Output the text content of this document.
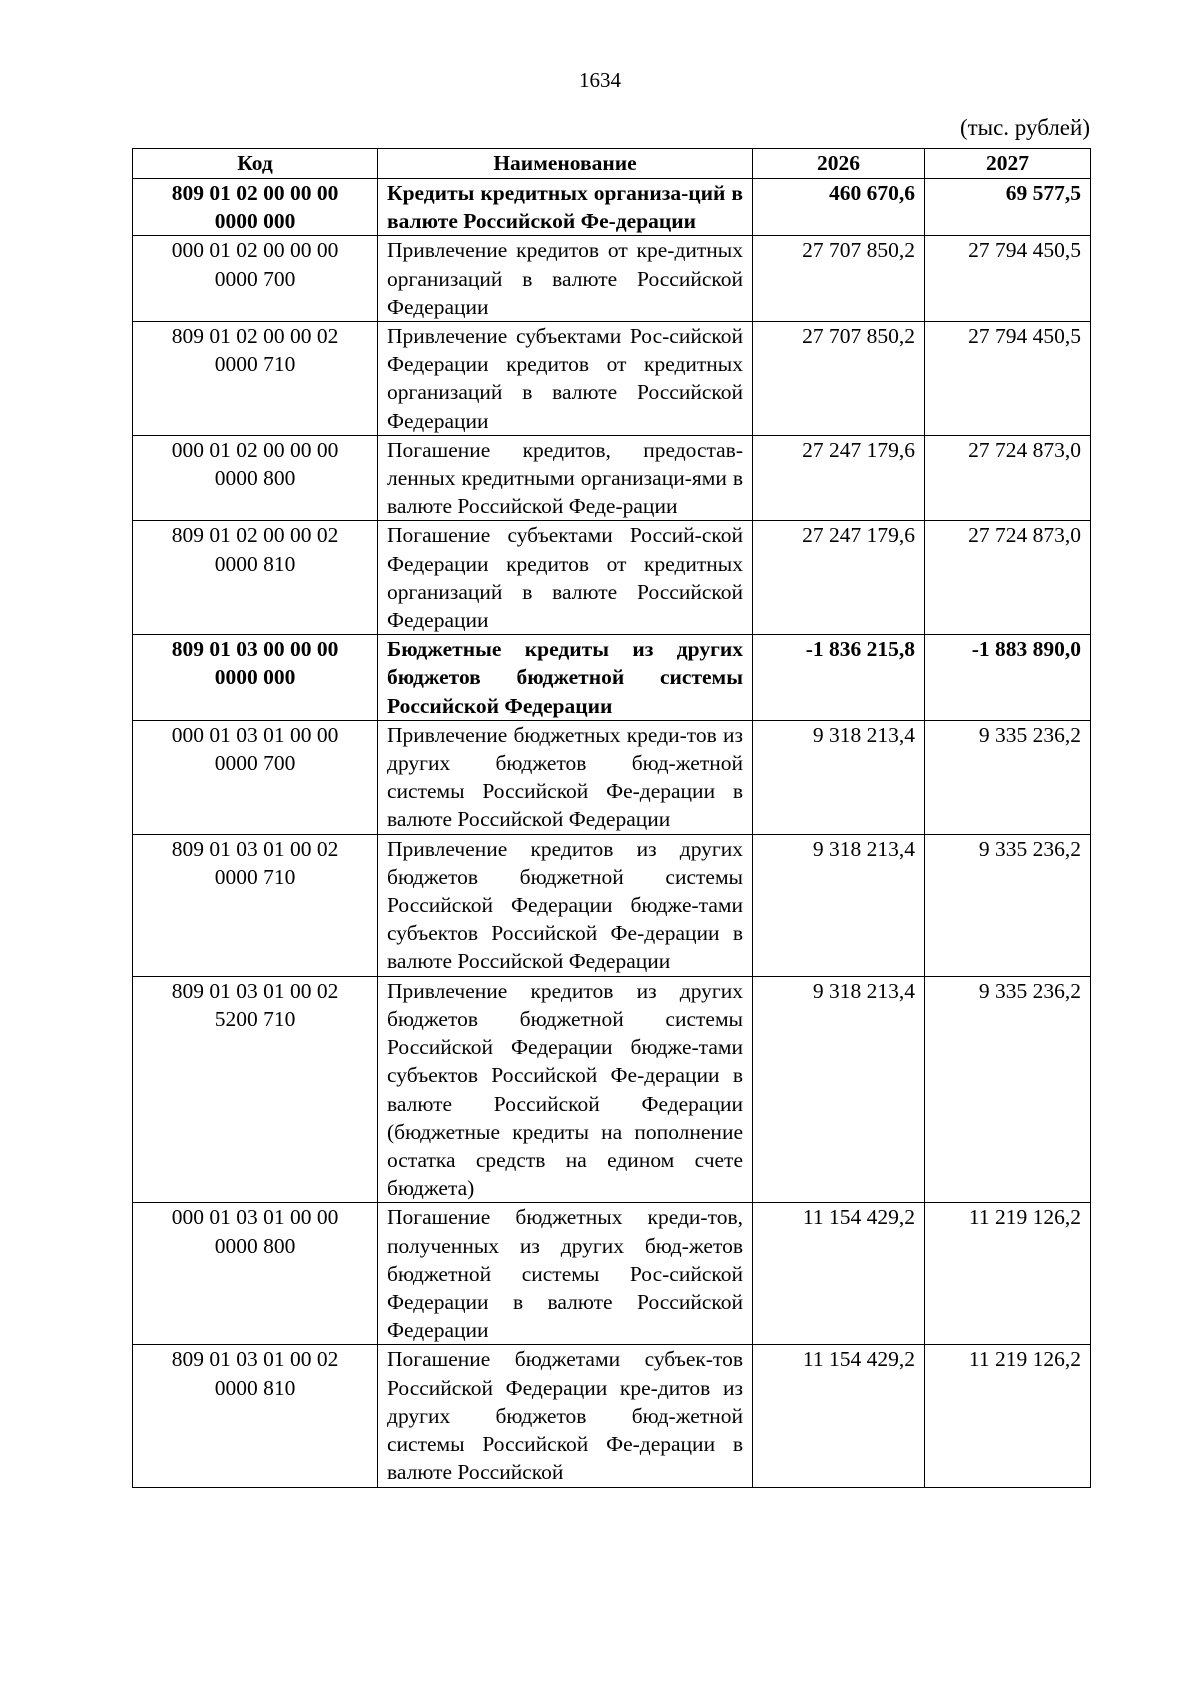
1634
(тыс. рублей)
Код	Наименование	2026	2027
809 01 02 00 00 00
0000 000	Кредиты кредитных организа-ций в валюте Российской Фе-дерации	460 670,6	69 577,5
000 01 02 00 00 00
0000 700	Привлечение кредитов от кре-дитных организаций в валюте Российской Федерации	27 707 850,2	27 794 450,5
809 01 02 00 00 02
0000 710	Привлечение субъектами Рос-сийской Федерации кредитов от кредитных организаций в валюте Российской Федерации	27 707 850,2	27 794 450,5
000 01 02 00 00 00
0000 800	Погашение кредитов, предостав-ленных кредитными организаци-ями в валюте Российской Феде-рации	27 247 179,6	27 724 873,0
809 01 02 00 00 02
0000 810	Погашение субъектами Россий-ской Федерации кредитов от кредитных организаций в валюте Российской Федерации	27 247 179,6	27 724 873,0
809 01 03 00 00 00
0000 000	Бюджетные кредиты из других бюджетов бюджетной системы Российской Федерации	-1 836 215,8	-1 883 890,0
000 01 03 01 00 00
0000 700	Привлечение бюджетных креди-тов из других бюджетов бюд-жетной системы Российской Фе-дерации в валюте Российской Федерации	9 318 213,4	9 335 236,2
809 01 03 01 00 02
0000 710	Привлечение кредитов из других бюджетов бюджетной системы Российской Федерации бюдже-тами субъектов Российской Фе-дерации в валюте Российской Федерации	9 318 213,4	9 335 236,2
809 01 03 01 00 02
5200 710	Привлечение кредитов из других бюджетов бюджетной системы Российской Федерации бюдже-тами субъектов Российской Фе-дерации в валюте Российской Федерации (бюджетные кредиты на пополнение остатка средств на едином счете бюджета)	9 318 213,4	9 335 236,2
000 01 03 01 00 00
0000 800	Погашение бюджетных креди-тов, полученных из других бюд-жетов бюджетной системы Рос-сийской Федерации в валюте Российской Федерации	11 154 429,2	11 219 126,2
809 01 03 01 00 02
0000 810	Погашение бюджетами субъек-тов Российской Федерации кре-дитов из других бюджетов бюд-жетной системы Российской Фе-дерации в валюте Российской	11 154 429,2	11 219 126,2
